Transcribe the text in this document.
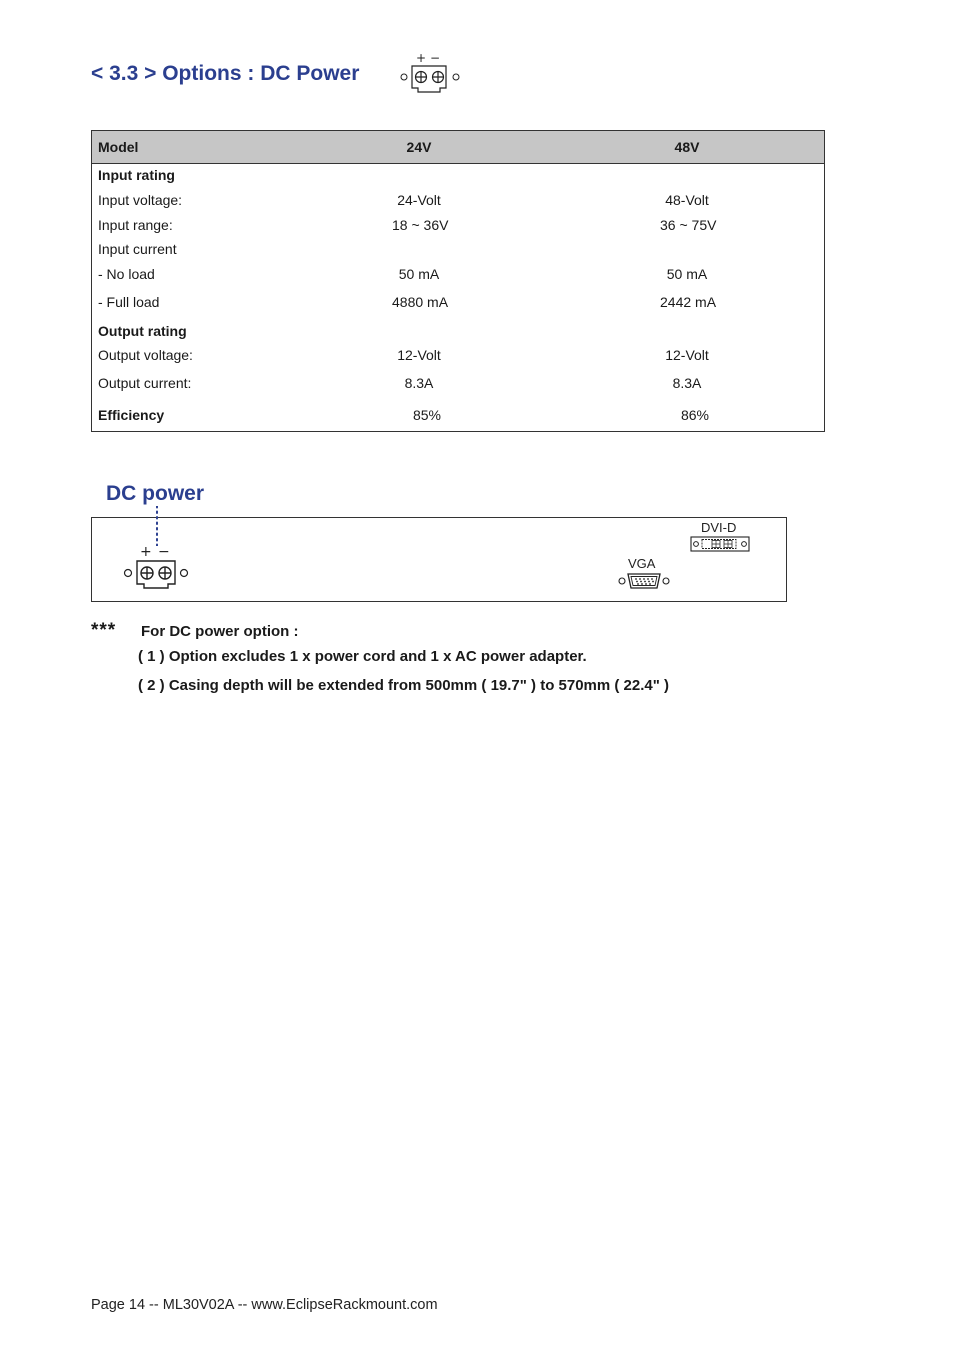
< 3.3 > Options : DC Power
+ −
Model	24V	48V
Input rating
Input voltage:	24-Volt	48-Volt
Input range:	18 ~ 36V	36 ~ 75V
Input current
- No load	50 mA	50 mA
- Full load	4880 mA	2442 mA
Output rating
Output voltage:	12-Volt	12-Volt
Output current:	8.3A	8.3A
Efficiency	85%	86%
DC power
+ −
VGA
DVI-D
*** For DC power option :
( 1 ) Option excludes 1 x power cord and 1 x AC power adapter.
( 2 ) Casing depth will be extended from 500mm ( 19.7" ) to 570mm ( 22.4" )
Page 14 -- ML30V02A -- www.EclipseRackmount.com
